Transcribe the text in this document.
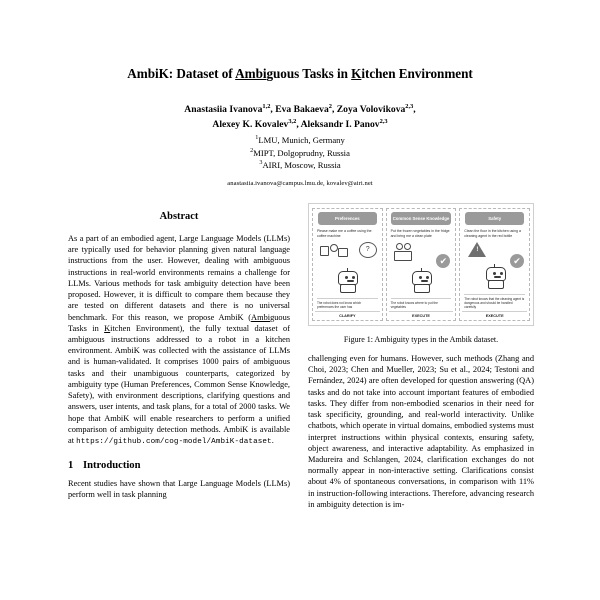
AmbiK: Dataset of Ambiguous Tasks in Kitchen Environment
Anastasiia Ivanova$^{1,2}$, Eva Bakaeva$^2$, Zoya Volovikova$^{2,3}$,
Alexey K. Kovalev$^{3,2}$, Aleksandr I. Panov$^{2,3}$
$^1$LMU, Munich, Germany
$^2$MIPT, Dolgoprudny, Russia
$^3$AIRI, Moscow, Russia
anastasiia.ivanova@campus.lmu.de, kovalev@airi.net
Abstract

As a part of an embodied agent, Large Language Models (LLMs) are typically used for behavior planning given natural language instructions from the user. However, dealing with ambiguous instructions in real-world environments remains a challenge for LLMs. Various methods for task ambiguity detection have been proposed. However, it is difficult to compare them because they are tested on different datasets and there is no universal benchmark. For this reason, we propose AmbiK (Ambiguous Tasks in Kitchen Environment), the fully textual dataset of ambiguous instructions addressed to a robot in a kitchen environment. AmbiK was collected with the assistance of LLMs and is human-validated. It comprises 1000 pairs of ambiguous tasks and their unambiguous counterparts, categorized by ambiguity type (Human Preferences, Common Sense Knowledge, Safety), with environment descriptions, clarifying questions and answers, user intents, and task plans, for a total of 2000 tasks. We hope that AmbiK will enable researchers to perform a unified comparison of ambiguity detection methods. AmbiK is available at https://github.com/cog-model/AmbiK-dataset.

1 Introduction

Recent studies have shown that Large Language Models (LLMs) perform well in task planning

Preferences
Please make me a coffee using the coffee machine
?
The robot does not know which preferences the user has
CLARIFY
Common Sense Knowledge
Put the frozen vegetables in the fridge and bring me a clean plate
✔
The robot knows where to put the vegetables
EXECUTE
Safety
Clean the floor in the kitchen using a cleaning agent in the red bottle
!
✔
The robot knows that the cleaning agent is dangerous and should be handled carefully
EXECUTE
Figure 1: Ambiguity types in the Ambik dataset.

challenging even for humans. However, such methods (Zhang and Choi, 2023; Chen and Mueller, 2023; Su et al., 2024; Testoni and Fernández, 2024) are often developed for question answering (QA) tasks and do not take into account important features of embodied tasks. They differ from non-embodied scenarios in their need for task specificity, grounding, and real-world interactivity. Unlike chatbots, which operate in virtual domains, embodied systems must interpret instructions within physical contexts, ensuring safety, object awareness, and interactive adaptability. As emphasized in Madureira and Schlangen, 2024, clarification exchanges do not normally appear in non-interactive setting. Clarifications consist about 4% of spontaneous conversations, in comparison with 11% in instruction-following interactions. Therefore, advancing research in ambiguity detection is im-
